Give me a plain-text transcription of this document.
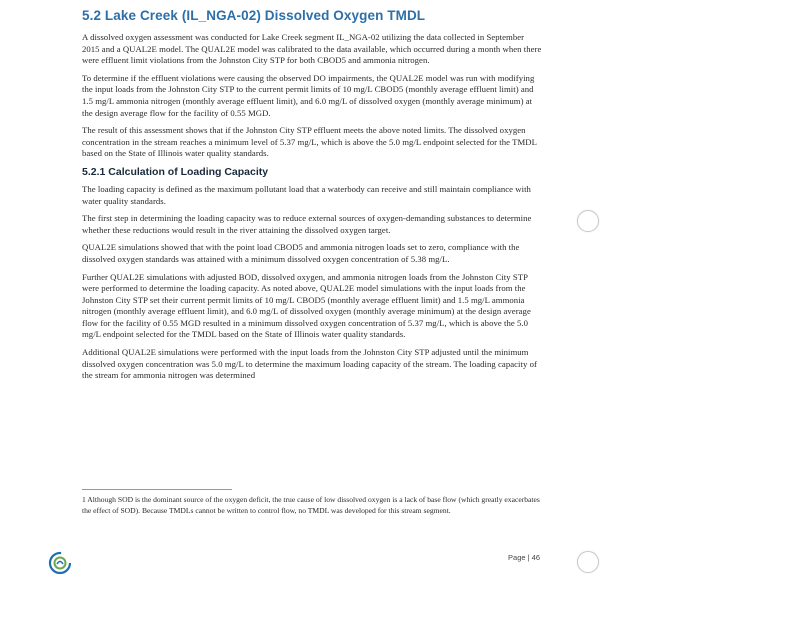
5.2 Lake Creek (IL_NGA-02) Dissolved Oxygen TMDL

A dissolved oxygen assessment was conducted for Lake Creek segment IL_NGA-02 utilizing the data collected in September 2015 and a QUAL2E model. The QUAL2E model was calibrated to the data available, which occurred during a month when there were effluent limit violations from the Johnston City STP for both CBOD5 and ammonia nitrogen.

To determine if the effluent violations were causing the observed DO impairments, the QUAL2E model was run with modifying the input loads from the Johnston City STP to the current permit limits of 10 mg/L CBOD5 (monthly average effluent limit) and 1.5 mg/L ammonia nitrogen (monthly average effluent limit), and 6.0 mg/L of dissolved oxygen (monthly average minimum) at the design average flow for the facility of 0.55 MGD.

The result of this assessment shows that if the Johnston City STP effluent meets the above noted limits. The dissolved oxygen concentration in the stream reaches a minimum level of 5.37 mg/L, which is above the 5.0 mg/L endpoint selected for the TMDL based on the State of Illinois water quality standards.

5.2.1 Calculation of Loading Capacity

The loading capacity is defined as the maximum pollutant load that a waterbody can receive and still maintain compliance with water quality standards.

The first step in determining the loading capacity was to reduce external sources of oxygen-demanding substances to determine whether these reductions would result in the river attaining the dissolved oxygen target.

QUAL2E simulations showed that with the point load CBOD5 and ammonia nitrogen loads set to zero, compliance with the dissolved oxygen standards was attained with a minimum dissolved oxygen concentration of 5.38 mg/L.

Further QUAL2E simulations with adjusted BOD, dissolved oxygen, and ammonia nitrogen loads from the Johnston City STP were performed to determine the loading capacity. As noted above, QUAL2E model simulations with the input loads from the Johnston City STP set their current permit limits of 10 mg/L CBOD5 (monthly average effluent limit) and 1.5 mg/L ammonia nitrogen (monthly average effluent limit), and 6.0 mg/L of dissolved oxygen (monthly average minimum) at the design average flow for the facility of 0.55 MGD resulted in a minimum dissolved oxygen concentration of 5.37 mg/L, which is above the 5.0 mg/L endpoint selected for the TMDL based on the State of Illinois water quality standards.

Additional QUAL2E simulations were performed with the input loads from the Johnston City STP adjusted until the minimum dissolved oxygen concentration was 5.0 mg/L to determine the maximum loading capacity of the stream. The loading capacity of the stream for ammonia nitrogen was determined

1 Although SOD is the dominant source of the oxygen deficit, the true cause of low dissolved oxygen is a lack of base flow (which greatly exacerbates the effect of SOD). Because TMDLs cannot be written to control flow, no TMDL was developed for this stream segment.

Page | 46
